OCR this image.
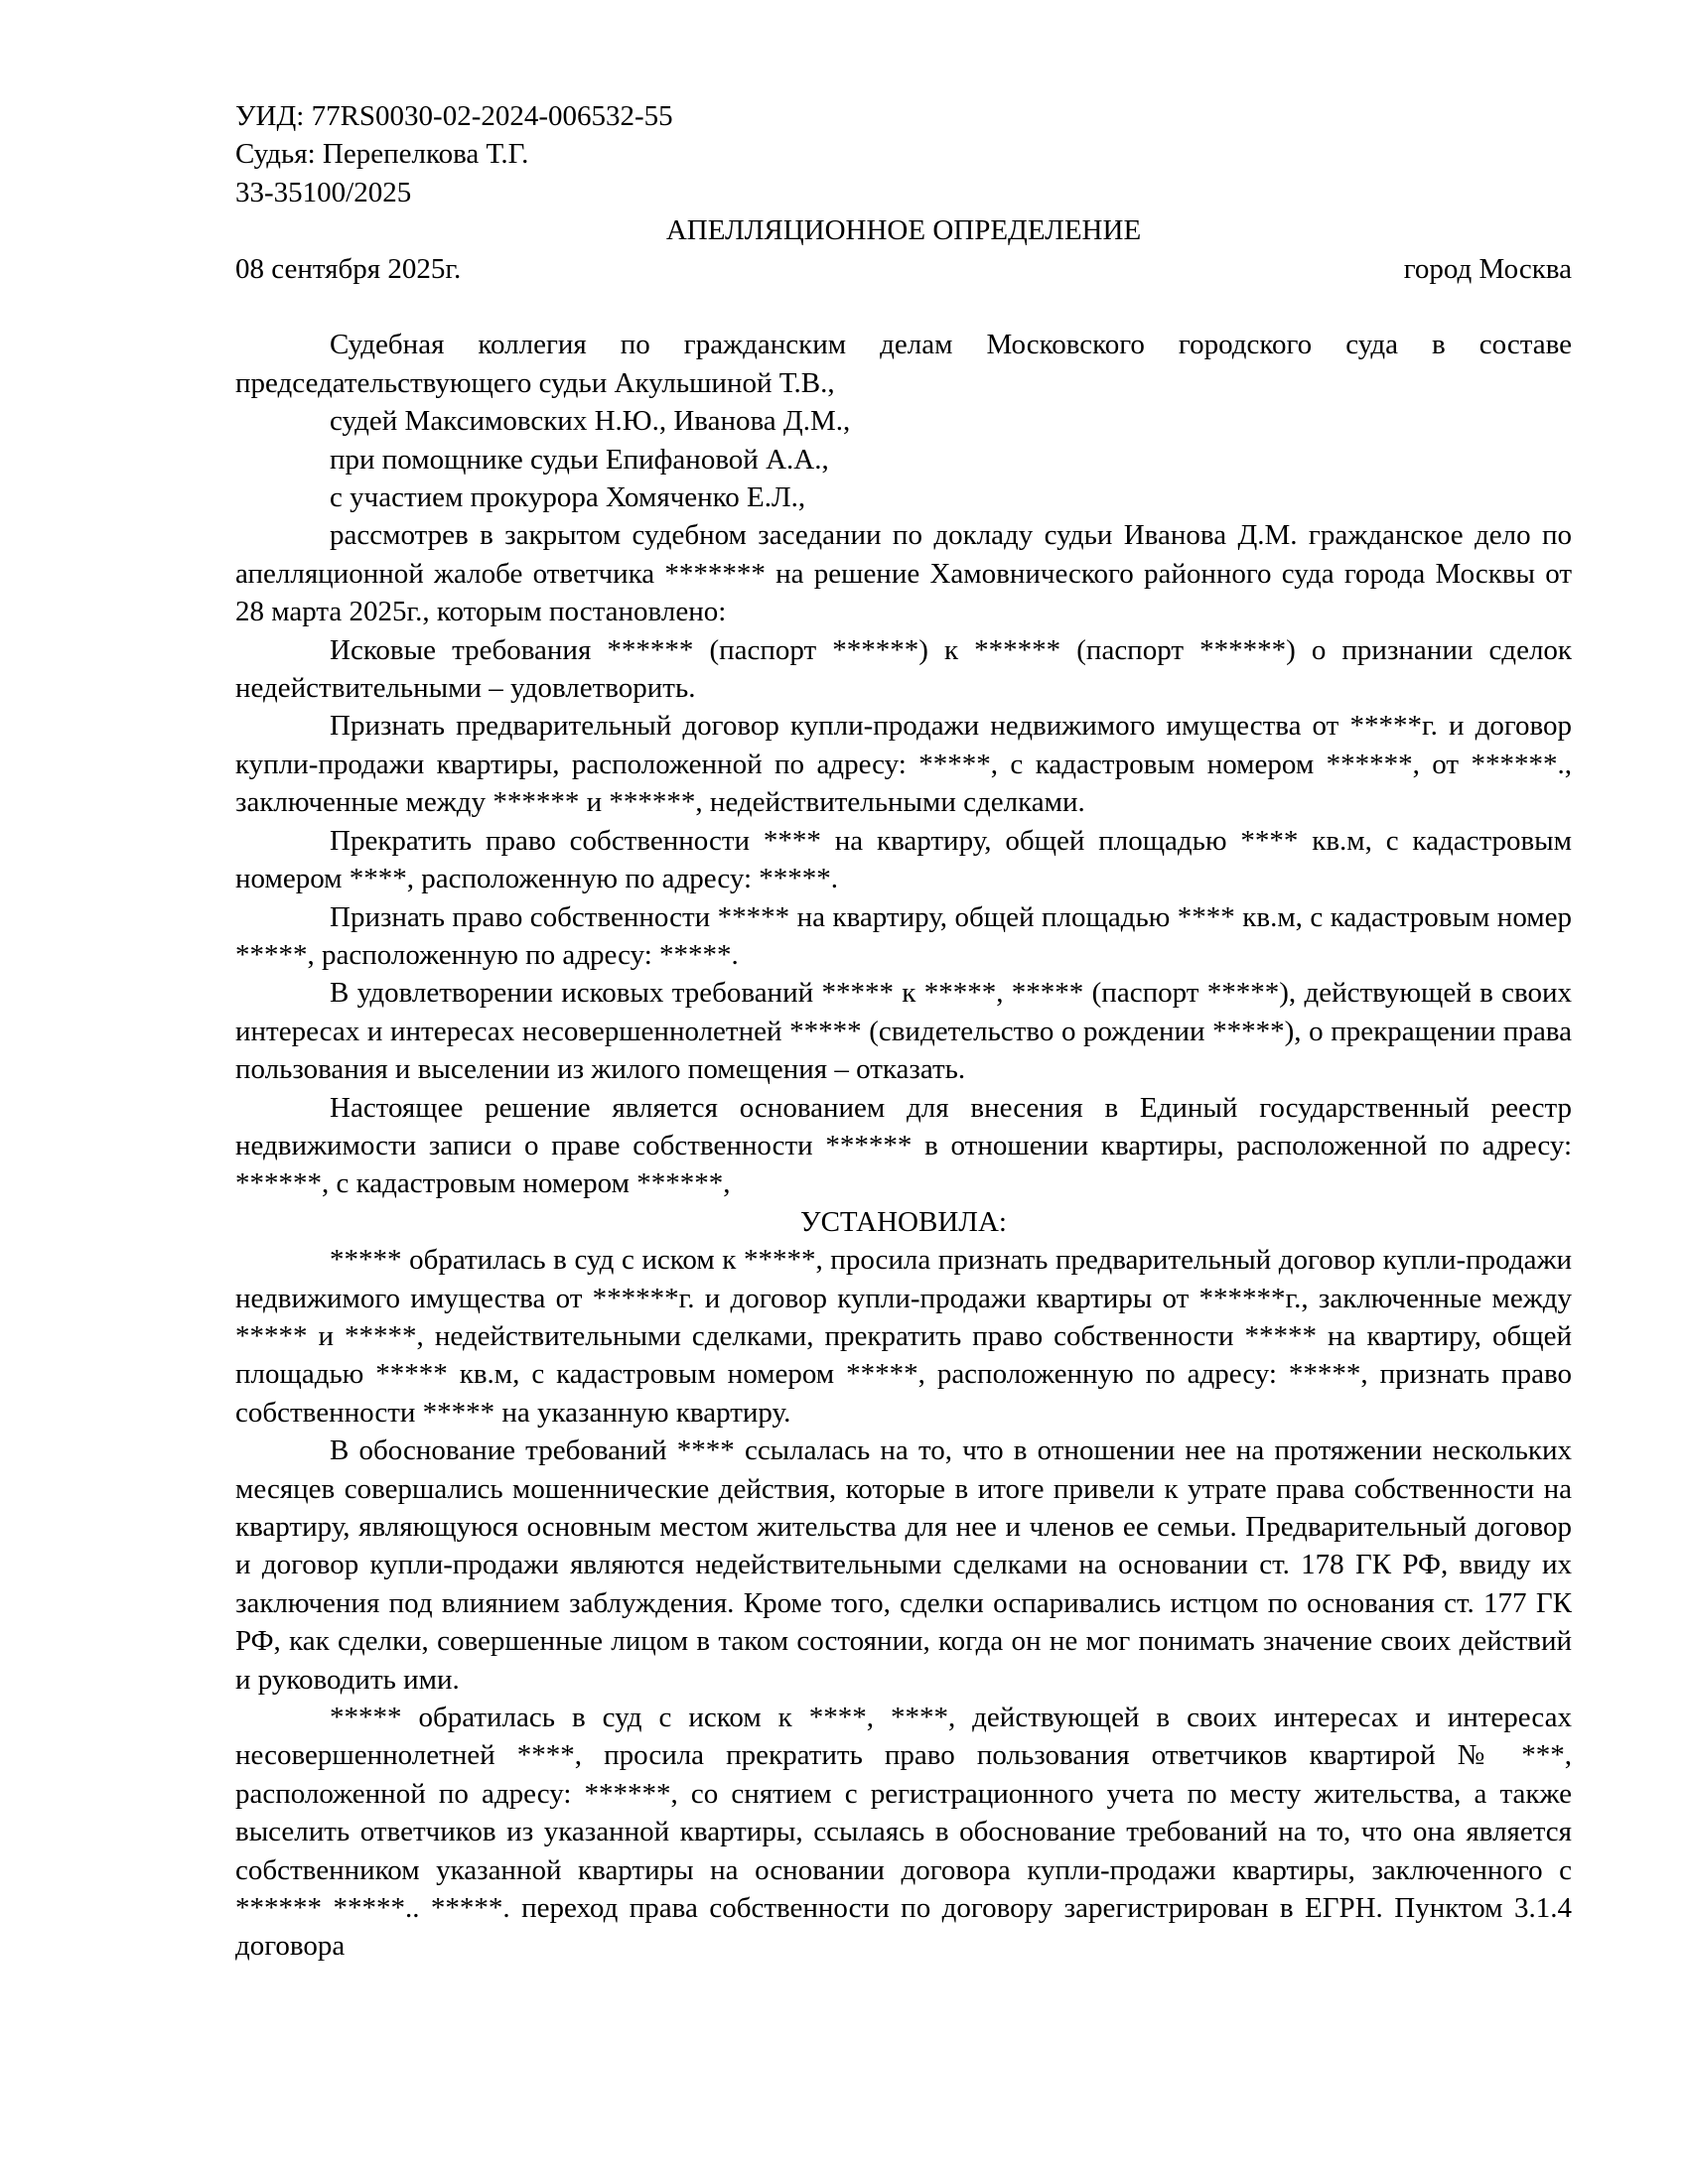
УИД: 77RS0030-02-2024-006532-55

Судья: Перепелкова Т.Г.

33-35100/2025

АПЕЛЛЯЦИОННОЕ ОПРЕДЕЛЕНИЕ

08 сентября 2025г.	город Москва

Судебная коллегия по гражданским делам Московского городского суда в составе председательствующего судьи Акульшиной Т.В.,

судей Максимовских Н.Ю., Иванова Д.М.,

при помощнике судьи Епифановой А.А.,

с участием прокурора Хомяченко Е.Л.,

рассмотрев в закрытом судебном заседании по докладу судьи Иванова Д.М. гражданское дело по апелляционной жалобе ответчика ******* на решение Хамовнического районного суда города Москвы от 28 марта 2025г., которым постановлено:

Исковые требования ****** (паспорт ******) к ****** (паспорт ******) о признании сделок недействительными – удовлетворить.

Признать предварительный договор купли-продажи недвижимого имущества от *****г. и договор купли-продажи квартиры, расположенной по адресу: *****, с кадастровым номером ******, от ******., заключенные между ****** и ******, недействительными сделками.

Прекратить право собственности **** на квартиру, общей площадью **** кв.м, с кадастровым номером ****, расположенную по адресу: *****.

Признать право собственности ***** на квартиру, общей площадью **** кв.м, с кадастровым номер *****, расположенную по адресу: *****.

В удовлетворении исковых требований ***** к *****, ***** (паспорт *****), действующей в своих интересах и интересах несовершеннолетней ***** (свидетельство о рождении *****), о прекращении права пользования и выселении из жилого помещения – отказать.

Настоящее решение является основанием для внесения в Единый государственный реестр недвижимости записи о праве собственности ****** в отношении квартиры, расположенной по адресу: ******, с кадастровым номером ******,

УСТАНОВИЛА:

***** обратилась в суд с иском к *****, просила признать предварительный договор купли-продажи недвижимого имущества от ******г. и договор купли-продажи квартиры от ******г., заключенные между ***** и *****, недействительными сделками, прекратить право собственности ***** на квартиру, общей площадью ***** кв.м, с кадастровым номером *****, расположенную по адресу: *****, признать право собственности ***** на указанную квартиру.

В обоснование требований **** ссылалась на то, что в отношении нее на протяжении нескольких месяцев совершались мошеннические действия, которые в итоге привели к утрате права собственности на квартиру, являющуюся основным местом жительства для нее и членов ее семьи. Предварительный договор и договор купли-продажи являются недействительными сделками на основании ст. 178 ГК РФ, ввиду их заключения под влиянием заблуждения. Кроме того, сделки оспаривались истцом по основания ст. 177 ГК РФ, как сделки, совершенные лицом в таком состоянии, когда он не мог понимать значение своих действий и руководить ими.

***** обратилась в суд с иском к ****, ****, действующей в своих интересах и интересах несовершеннолетней ****, просила прекратить право пользования ответчиков квартирой № ***, расположенной по адресу: ******, со снятием с регистрационного учета по месту жительства, а также выселить ответчиков из указанной квартиры, ссылаясь в обоснование требований на то, что она является собственником указанной квартиры на основании договора купли-продажи квартиры, заключенного с ****** *****.. *****. переход права собственности по договору зарегистрирован в ЕГРН. Пунктом 3.1.4 договора
